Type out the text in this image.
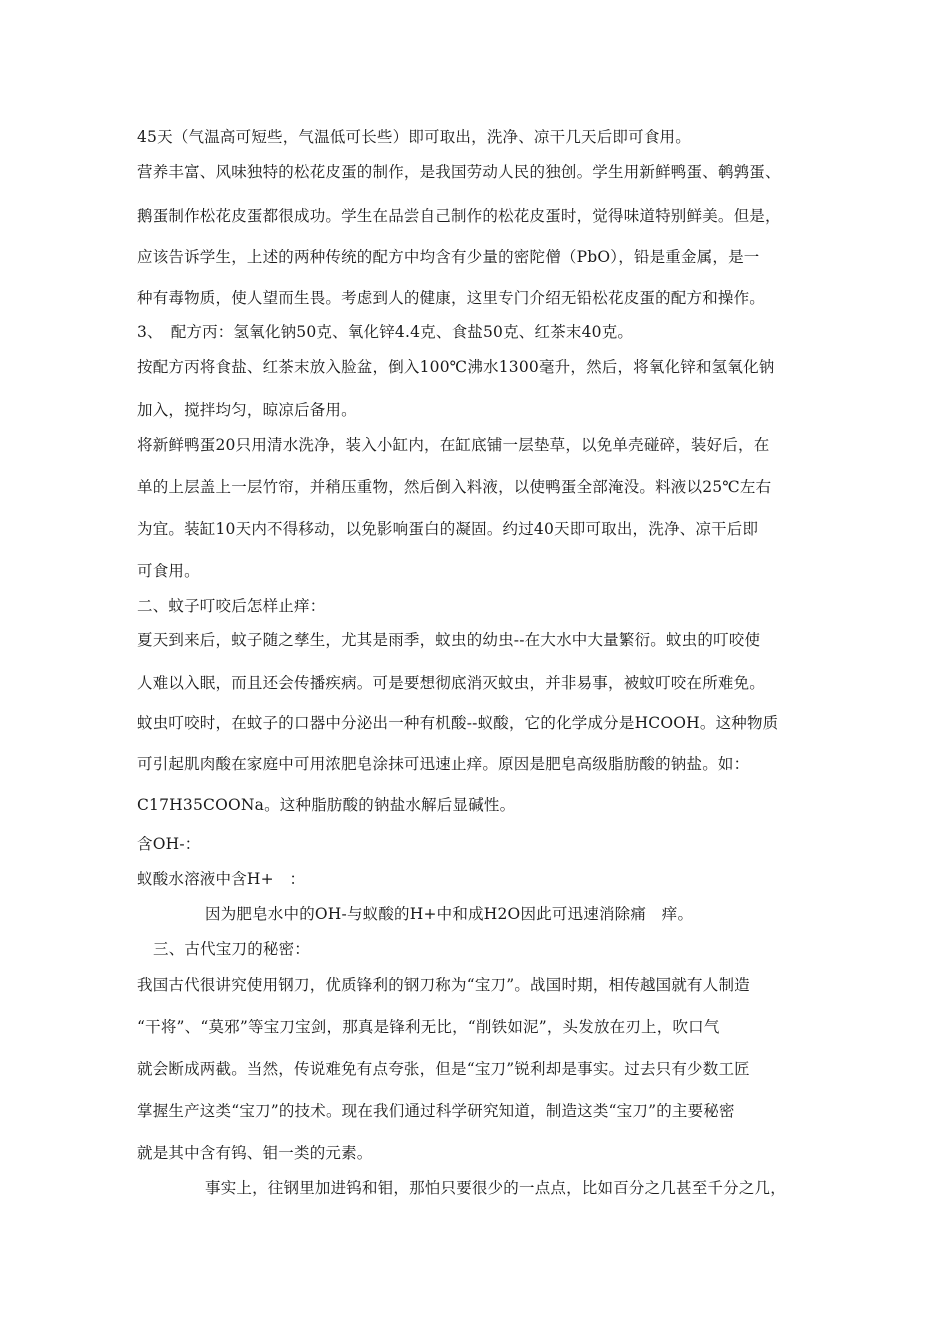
45天（气温高可短些，气温低可长些）即可取出，洗净、凉干几天后即可食用。
营养丰富、风味独特的松花皮蛋的制作，是我国劳动人民的独创。学生用新鲜鸭蛋、鹌鹑蛋、
鹅蛋制作松花皮蛋都很成功。学生在品尝自己制作的松花皮蛋时，觉得味道特别鲜美。但是，
应该告诉学生，上述的两种传统的配方中均含有少量的密陀僧（PbO），铅是重金属，是一
种有毒物质，使人望而生畏。考虑到人的健康，这里专门介绍无铅松花皮蛋的配方和操作。
3、　配方丙：氢氧化钠50克、氧化锌4.4克、食盐50克、红茶末40克。
按配方丙将食盐、红茶末放入脸盆，倒入100℃沸水1300毫升，然后，将氧化锌和氢氧化钠
加入，搅拌均匀，晾凉后备用。
将新鲜鸭蛋20只用清水洗净，装入小缸内，在缸底铺一层垫草，以免单壳碰碎，装好后，在
单的上层盖上一层竹帘，并稍压重物，然后倒入料液，以使鸭蛋全部淹没。料液以25℃左右
为宜。装缸10天内不得移动，以免影响蛋白的凝固。约过40天即可取出，洗净、凉干后即
可食用。
二、蚊子叮咬后怎样止痒：
夏天到来后，蚊子随之孳生，尤其是雨季，蚊虫的幼虫--在大水中大量繁衍。蚊虫的叮咬使
人难以入眠，而且还会传播疾病。可是要想彻底消灭蚊虫，并非易事，被蚊叮咬在所难免。
蚊虫叮咬时，在蚊子的口器中分泌出一种有机酸--蚁酸，它的化学成分是HCOOH。这种物质
可引起肌肉酸在家庭中可用浓肥皂涂抹可迅速止痒。原因是肥皂高级脂肪酸的钠盐。如：
C17H35COONa。这种脂肪酸的钠盐水解后显碱性。
含OH-：
蚁酸水溶液中含H+　：
因为肥皂水中的OH-与蚁酸的H+中和成H2O因此可迅速消除痛　痒。
三、古代宝刀的秘密：
我国古代很讲究使用钢刀，优质锋利的钢刀称为“宝刀”。战国时期，相传越国就有人制造
“干将”、“莫邪”等宝刀宝剑，那真是锋利无比，“削铁如泥”，头发放在刃上，吹口气
就会断成两截。当然，传说难免有点夸张，但是“宝刀”锐利却是事实。过去只有少数工匠
掌握生产这类“宝刀”的技术。现在我们通过科学研究知道，制造这类“宝刀”的主要秘密
就是其中含有钨、钼一类的元素。
事实上，往钢里加进钨和钼，那怕只要很少的一点点，比如百分之几甚至千分之几，
